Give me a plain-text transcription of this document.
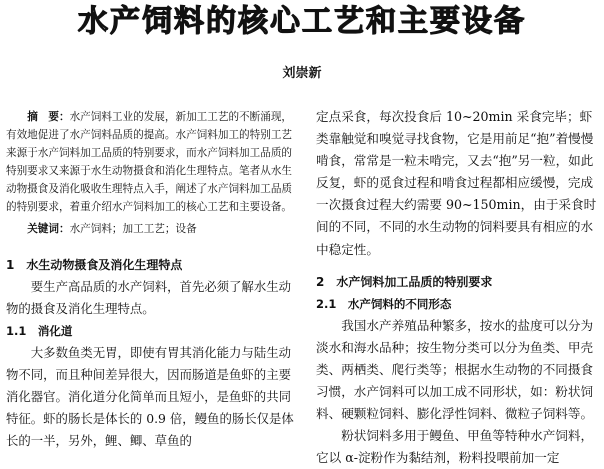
水产饲料的核心工艺和主要设备
刘崇新

摘　要：水产饲料工业的发展，新加工工艺的不断涌现，有效地促进了水产饲料品质的提高。水产饲料加工的特别工艺来源于水产饲料加工品质的特别要求，而水产饲料加工品质的特别要求又来源于水生动物摄食和消化生理特点。笔者从水生动物摄食及消化吸收生理特点入手，阐述了水产饲料加工品质的特别要求，着重介绍水产饲料加工的核心工艺和主要设备。

关键词：水产饲料；加工工艺；设备

1　水生动物摄食及消化生理特点

要生产高品质的水产饲料，首先必须了解水生动物的摄食及消化生理特点。

1.1　消化道

大多数鱼类无胃，即使有胃其消化能力与陆生动物不同，而且种间差异很大，因而肠道是鱼虾的主要消化器官。消化道分化简单而且短小，是鱼虾的共同特征。虾的肠长是体长的 0.9 倍，鳗鱼的肠长仅是体长的一半，另外，鲤、鲫、草鱼的

定点采食，每次投食后 10~20min 采食完毕；虾类靠触觉和嗅觉寻找食物，它是用前足“抱”着慢慢啃食，常常是一粒未啃完，又去“抱”另一粒，如此反复，虾的觅食过程和啃食过程都相应缓慢，完成一次摄食过程大约需要 90~150min，由于采食时间的不同，不同的水生动物的饲料要具有相应的水中稳定性。

2　水产饲料加工品质的特别要求

2.1　水产饲料的不同形态

我国水产养殖品种繁多，按水的盐度可以分为淡水和海水品种；按生物分类可以分为鱼类、甲壳类、两栖类、爬行类等；根据水生动物的不同摄食习惯，水产饲料可以加工成不同形状，如：粉状饲料、硬颗粒饲料、膨化浮性饲料、微粒子饲料等。

粉状饲料多用于鳗鱼、甲鱼等特种水产饲料，它以 α-淀粉作为黏结剂，粉料投喂前加一定
